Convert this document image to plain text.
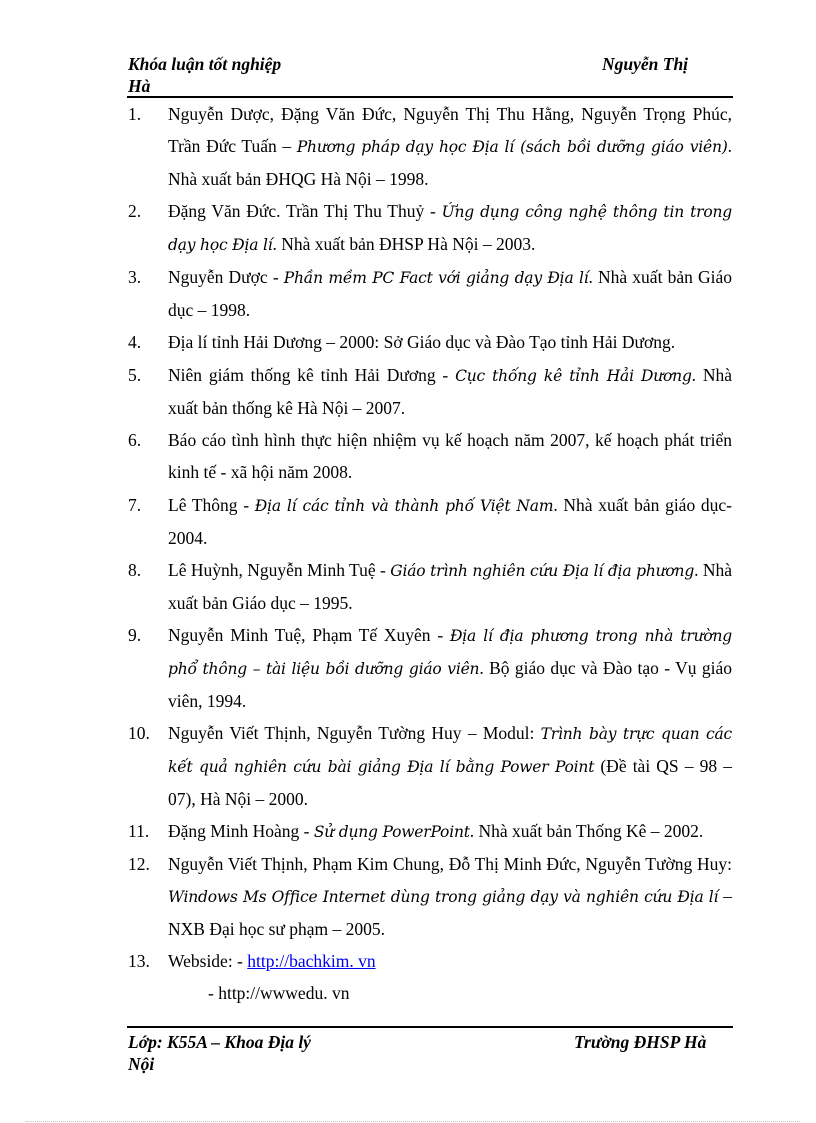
Khóa luận tốt nghiệp	Nguyễn Thị
Hà
1.	Nguyễn Dược, Đặng Văn Đức, Nguyễn Thị Thu Hằng, Nguyễn Trọng Phúc, Trần Đức Tuấn – Phương pháp dạy học Địa lí (sách bồi dưỡng giáo viên). Nhà xuất bản ĐHQG Hà Nội – 1998.
2.	Đặng Văn Đức. Trần Thị Thu Thuỷ - Ứng dụng công nghệ thông tin trong dạy học Địa lí. Nhà xuất bản ĐHSP Hà Nội – 2003.
3.	Nguyễn Dược - Phần mềm PC Fact với giảng dạy Địa lí. Nhà xuất bản Giáo dục – 1998.
4.	Địa lí tỉnh Hải Dương – 2000: Sở Giáo dục và Đào Tạo tỉnh Hải Dương.
5.	Niên giám thống kê tỉnh Hải Dương - Cục thống kê tỉnh Hải Dương. Nhà xuất bản thống kê Hà Nội – 2007.
6.	Báo cáo tình hình thực hiện nhiệm vụ kế hoạch năm 2007, kế hoạch phát triển kinh tế - xã hội năm 2008.
7.	Lê Thông - Địa lí các tỉnh và thành phố Việt Nam. Nhà xuất bản giáo dục- 2004.
8.	Lê Huỳnh, Nguyễn Minh Tuệ - Giáo trình nghiên cứu Địa lí địa phương. Nhà xuất bản Giáo dục – 1995.
9.	Nguyễn Minh Tuệ, Phạm Tế Xuyên - Địa lí địa phương trong nhà trường phổ thông – tài liệu bồi dưỡng giáo viên. Bộ giáo dục và Đào tạo - Vụ giáo viên, 1994.
10.	Nguyễn Viết Thịnh, Nguyễn Tường Huy – Modul: Trình bày trực quan các kết quả nghiên cứu bài giảng Địa lí bằng Power Point (Đề tài QS – 98 – 07), Hà Nội – 2000.
11.	Đặng Minh Hoàng - Sử dụng PowerPoint. Nhà xuất bản Thống Kê – 2002.
12.	Nguyễn Viết Thịnh, Phạm Kim Chung, Đỗ Thị Minh Đức, Nguyễn Tường Huy: Windows Ms Office Internet dùng trong giảng dạy và nghiên cứu Địa lí – NXB Đại học sư phạm – 2005.
13.	Webside: - http://bachkim. vn
- http://wwwedu. vn
Lớp: K55A – Khoa Địa lý	Trường ĐHSP Hà
Nội
